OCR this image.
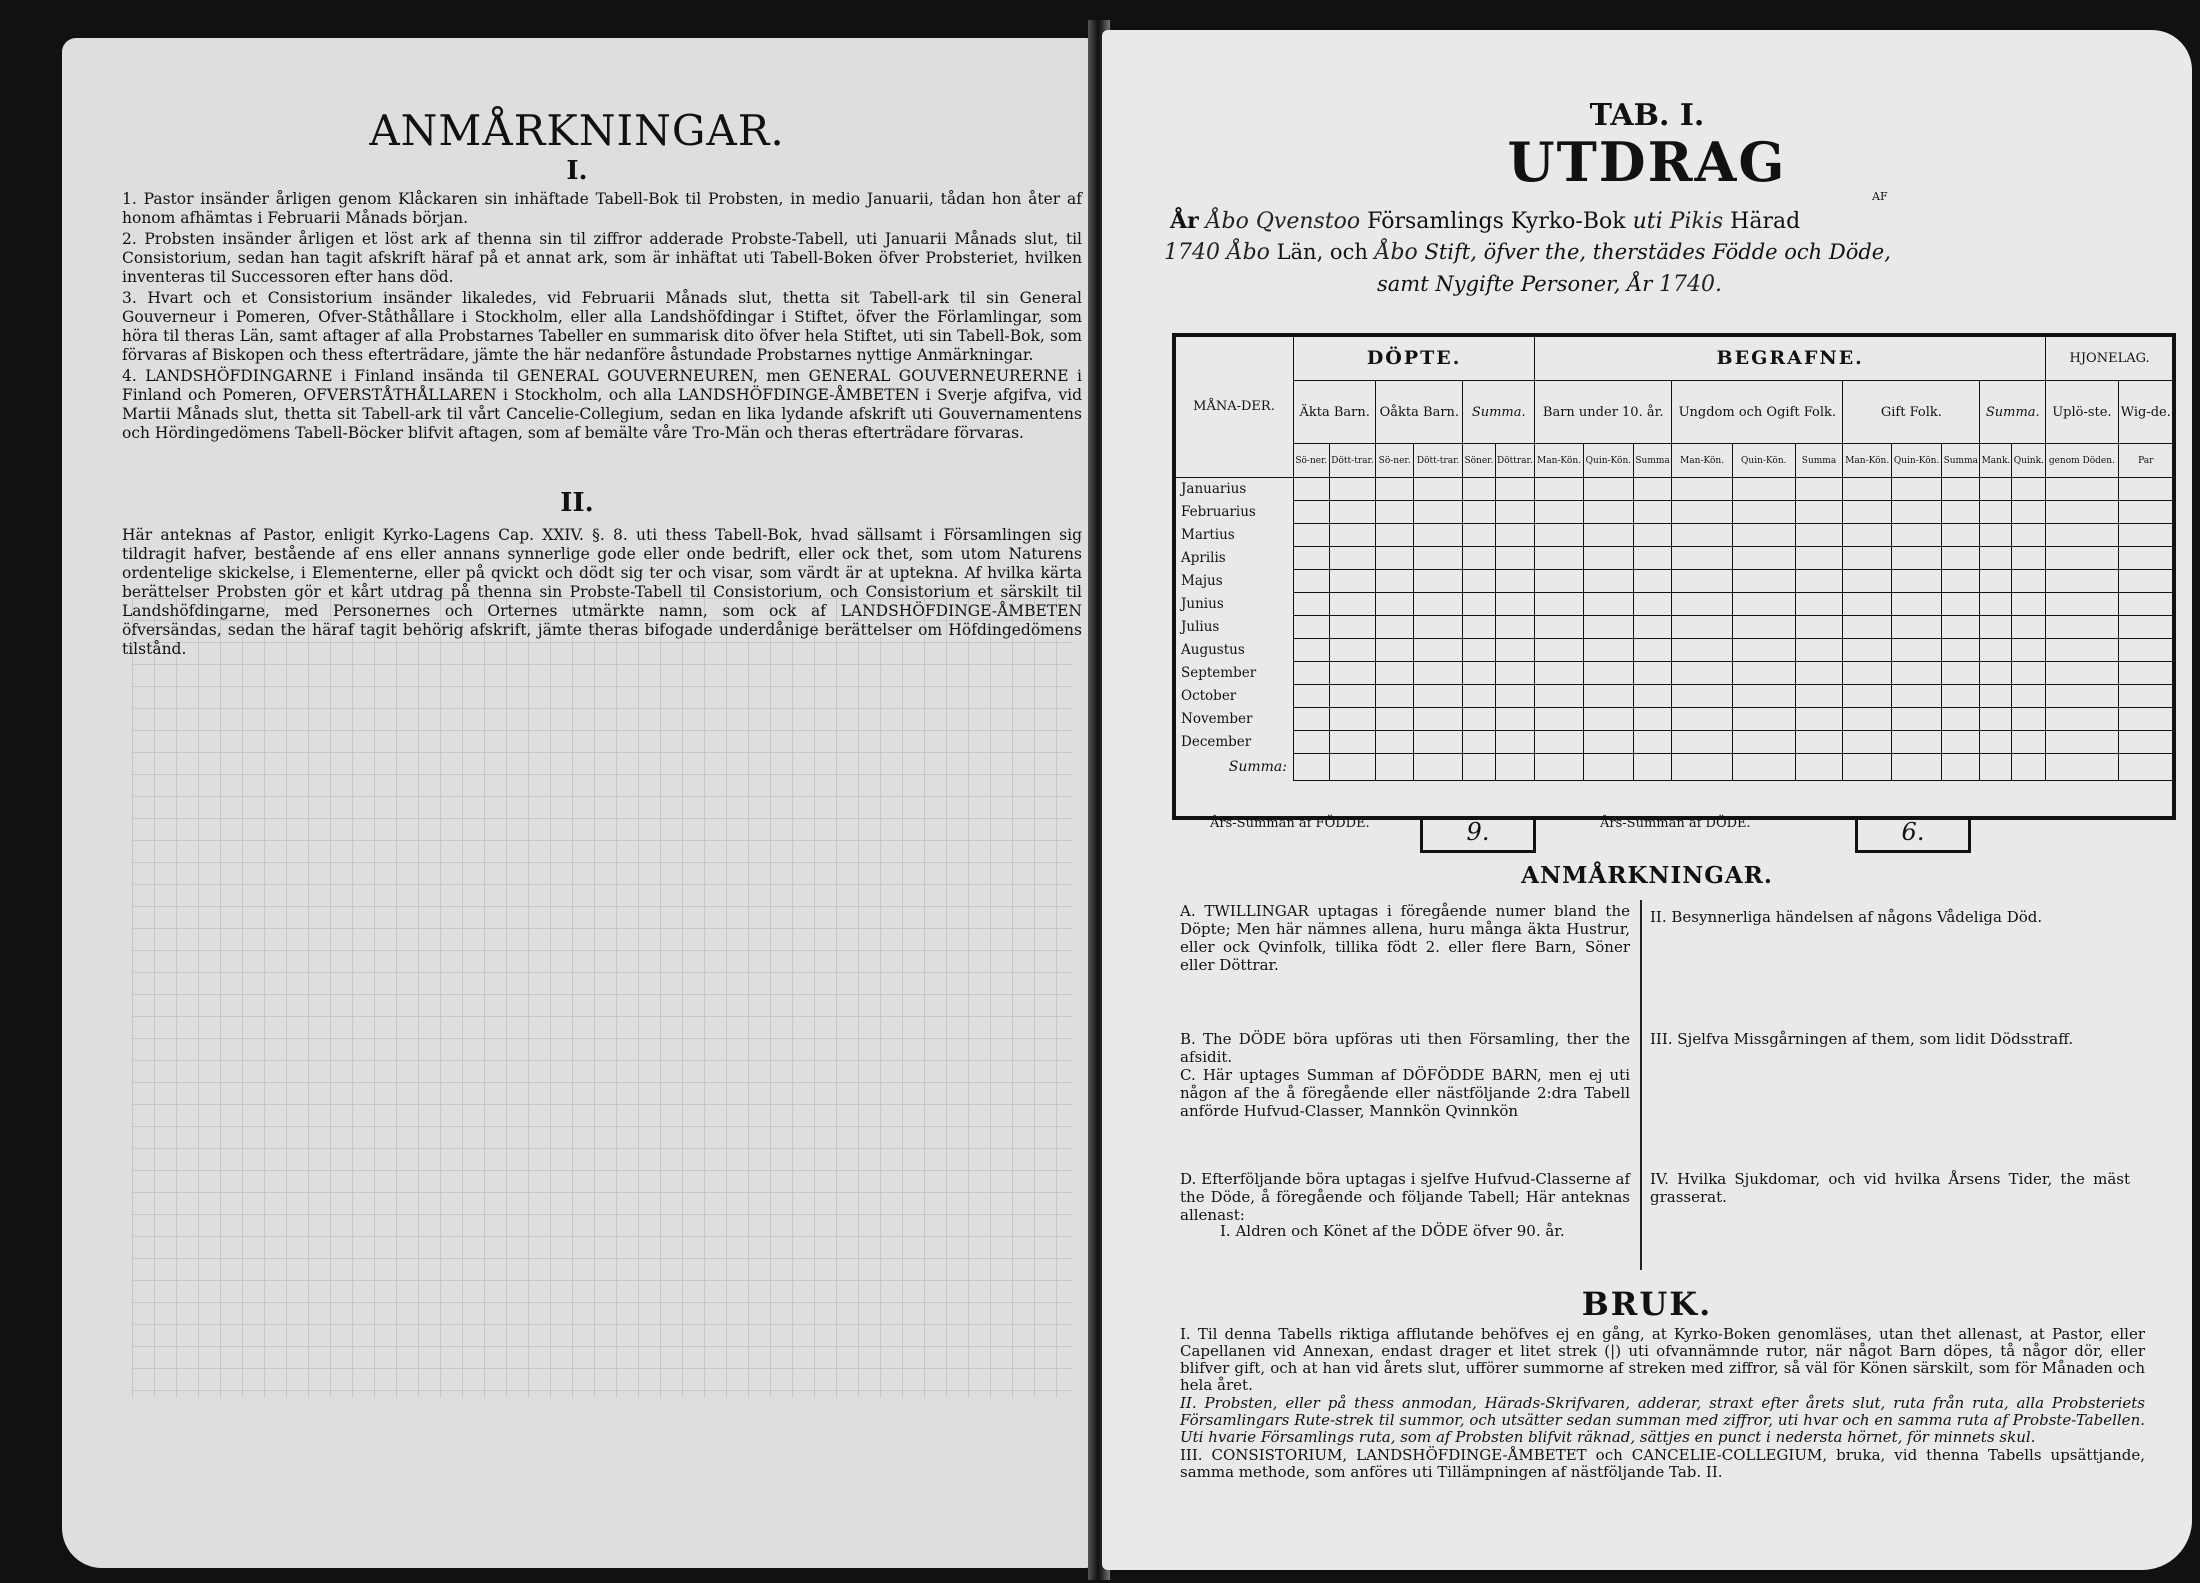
ANMÅRKNINGAR.
I.

1. Pastor insänder årligen genom Klåckaren sin inhäftade Tabell-Bok til Probsten, in medio Januarii, tådan hon åter af honom afhämtas i Februarii Månads början.

2. Probsten insänder årligen et löst ark af thenna sin til ziffror adderade Probste-Tabell, uti Januarii Månads slut, til Consistorium, sedan han tagit afskrift häraf på et annat ark, som är inhäftat uti Tabell-Boken öfver Probsteriet, hvilken inventeras til Successoren efter hans död.

3. Hvart och et Consistorium insänder likaledes, vid Februarii Månads slut, thetta sit Tabell-ark til sin General Gouverneur i Pomeren, Ofver-Ståthållare i Stockholm, eller alla Landshöfdingar i Stiftet, öfver the Förlamlingar, som höra til theras Län, samt aftager af alla Probstarnes Tabeller en summarisk dito öfver hela Stiftet, uti sin Tabell-Bok, som förvaras af Biskopen och thess efterträdare, jämte the här nedanföre åstundade Probstarnes nyttige Anmärkningar.

4. LANDSHÖFDINGARNE i Finland insända til GENERAL GOUVERNEUREN, men GENERAL GOUVERNEURERNE i Finland och Pomeren, OFVERSTÅTHÅLLAREN i Stockholm, och alla LANDSHÖFDINGE-ÅMBETEN i Sverje afgifva, vid Martii Månads slut, thetta sit Tabell-ark til vårt Cancelie-Collegium, sedan en lika lydande afskrift uti Gouvernamentens och Hördingedömens Tabell-Böcker blifvit aftagen, som af bemälte våre Tro-Män och theras efterträdare förvaras.

II.

Här anteknas af Pastor, enligit Kyrko-Lagens Cap. XXIV. §. 8. uti thess Tabell-Bok, hvad sällsamt i Församlingen sig tildragit hafver, bestående af ens eller annans synnerlige gode eller onde bedrift, eller ock thet, som utom Naturens ordentelige skickelse, i Elementerne, eller på qvickt och dödt sig ter och visar, som värdt är at uptekna. Af hvilka kärta berättelser Probsten gör et kårt utdrag på thenna sin Probste-Tabell til Consistorium, och Consistorium et särskilt til Landshöfdingarne, med Personernes och Orternes utmärkte namn, som ock af LANDSHÖFDINGE-ÅMBETEN öfversändas, sedan the häraf tagit behörig afskrift, jämte theras bifogade underdånige berättelser om Höfdingedömens tilstånd.

TAB. I.
UTDRAG
AF
År Åbo Qvenstoo Församlings Kyrko-Bok uti Pikis Härad
1740 Åbo Län, och Åbo Stift, öfver the, therstädes Födde och Döde,
samt Nygifte Personer, År 1740.
MÅNA-DER.	DÖPTE.						BEGRAFNE.											HJONELAG.	
	Äkta Barn.		Oåkta Barn.		Summa.		Barn under 10. år.			Ungdom och Ogift Folk.			Gift Folk.			Summa.		Uplö-ste.	Wig-de.
	Sö-ner.	Dött-trar.	Sö-ner.	Dött-trar.	Söner.	Döttrar.	Man-Kön.	Quin-Kön.	Summa	Man-Kön.	Quin-Kön.	Summa	Man-Kön.	Quin-Kön.	Summa	Mank.	Quink.	genom Döden.	Par
Januarius																			
Februarius																			
Martius																			
Aprilis																			
Majus																			
Junius																			
Julius																			
Augustus																			
September																			
October																			
November																			
December																			
Summa:																			
Års-Summan af FÖDDE.	9.	Års-Summan af DÖDE.	6.
ANMÅRKNINGAR.
A. TWILLINGAR uptagas i föregående numer bland the Döpte; Men här nämnes allena, huru många äkta Hustrur, eller ock Qvinfolk, tillika födt 2. eller flere Barn, Söner eller Döttrar.
B. The DÖDE böra upföras uti then Församling, ther the afsidit.
C. Här uptages Summan af DÖFÖDDE BARN, men ej uti någon af the å föregående eller nästföljande 2:dra Tabell anförde Hufvud-Classer, Mannkön Qvinnkön
D. Efterföljande böra uptagas i sjelfve Hufvud-Classerne af the Döde, å föregående och följande Tabell; Här anteknas allenast:
I. Aldren och Könet af the DÖDE öfver 90. år.
II. Besynnerliga händelsen af någons Vådeliga Död.
III. Sjelfva Missgårningen af them, som lidit Dödsstraff.
IV. Hvilka Sjukdomar, och vid hvilka Årsens Tider, the mäst grasserat.
BRUK.

I. Til denna Tabells riktiga afflutande behöfves ej en gång, at Kyrko-Boken genomläses, utan thet allenast, at Pastor, eller Capellanen vid Annexan, endast drager et litet strek (|) uti ofvannämnde rutor, när något Barn döpes, tå någor dör, eller blifver gift, och at han vid årets slut, ufförer summorne af streken med ziffror, så väl för Könen särskilt, som för Månaden och hela året.

II. Probsten, eller på thess anmodan, Härads-Skrifvaren, adderar, straxt efter årets slut, ruta från ruta, alla Probsteriets Församlingars Rute-strek til summor, och utsätter sedan summan med ziffror, uti hvar och en samma ruta af Probste-Tabellen. Uti hvarie Församlings ruta, som af Probsten blifvit räknad, sättjes en punct i nedersta hörnet, för minnets skul.

III. CONSISTORIUM, LANDSHÖFDINGE-ÅMBETET och CANCELIE-COLLEGIUM, bruka, vid thenna Tabells upsättjande, samma methode, som anföres uti Tillämpningen af nästföljande Tab. II.
